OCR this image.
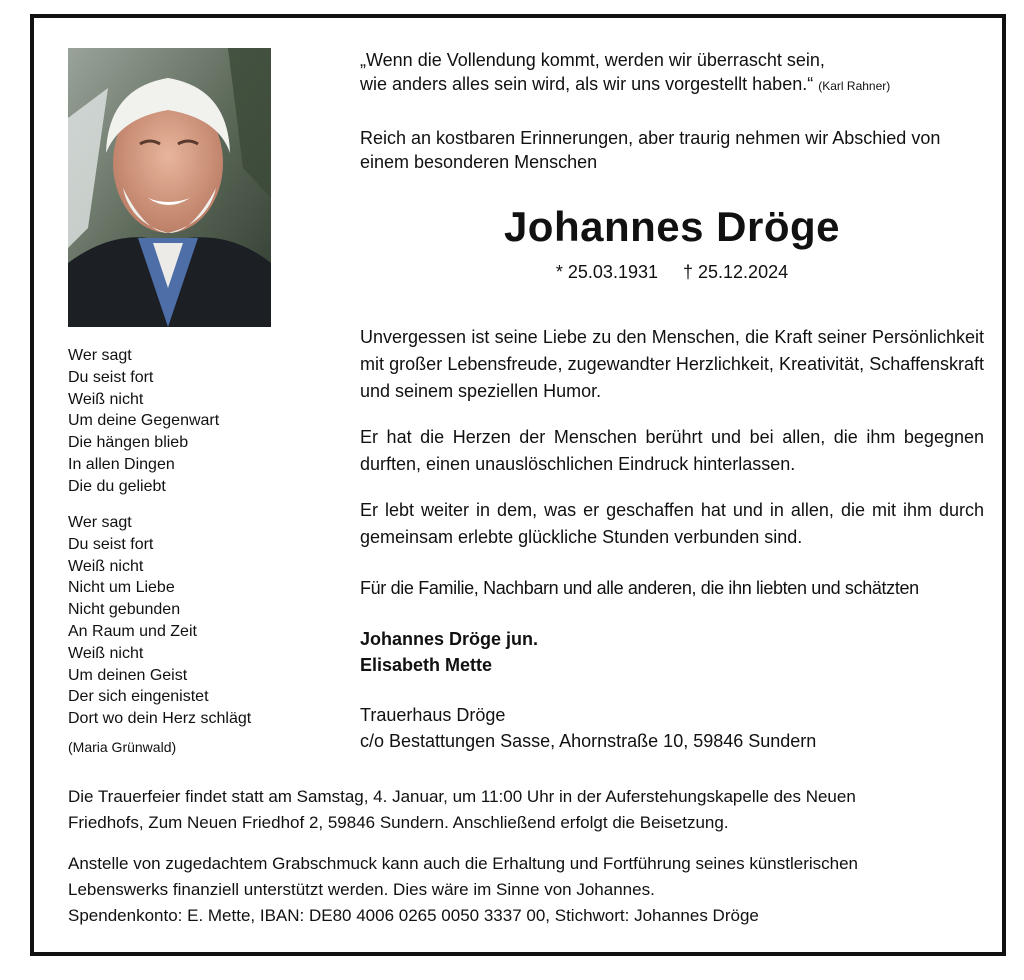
Wer sagt
Du seist fort
Weiß nicht
Um deine Gegenwart
Die hängen blieb
In allen Dingen
Die du geliebt
Wer sagt
Du seist fort
Weiß nicht
Nicht um Liebe
Nicht gebunden
An Raum und Zeit
Weiß nicht
Um deinen Geist
Der sich eingenistet
Dort wo dein Herz schlägt
(Maria Grünwald)
„Wenn die Vollendung kommt, werden wir überrascht sein,
wie anders alles sein wird, als wir uns vorgestellt haben.“ (Karl Rahner)
Reich an kostbaren Erinnerungen, aber traurig nehmen wir Abschied von einem besonderen Menschen
Johannes Dröge
* 25.03.1931 † 25.12.2024
Unvergessen ist seine Liebe zu den Menschen, die Kraft seiner Persönlichkeit mit großer Lebensfreude, zugewandter Herzlichkeit, Kreativität, Schaffenskraft und seinem speziellen Humor.
Er hat die Herzen der Menschen berührt und bei allen, die ihm begegnen durften, einen unauslöschlichen Eindruck hinterlassen.
Er lebt weiter in dem, was er geschaffen hat und in allen, die mit ihm durch gemeinsam erlebte glückliche Stunden verbunden sind.
Für die Familie, Nachbarn und alle anderen, die ihn liebten und schätzten
Johannes Dröge jun.
Elisabeth Mette
Trauerhaus Dröge
c/o Bestattungen Sasse, Ahornstraße 10, 59846 Sundern
Die Trauerfeier findet statt am Samstag, 4. Januar, um 11:00 Uhr in der Auferstehungskapelle des Neuen
Friedhofs, Zum Neuen Friedhof 2, 59846 Sundern. Anschließend erfolgt die Beisetzung.
Anstelle von zugedachtem Grabschmuck kann auch die Erhaltung und Fortführung seines künstlerischen
Lebenswerks finanziell unterstützt werden. Dies wäre im Sinne von Johannes.
Spendenkonto: E. Mette, IBAN: DE80 4006 0265 0050 3337 00, Stichwort: Johannes Dröge
